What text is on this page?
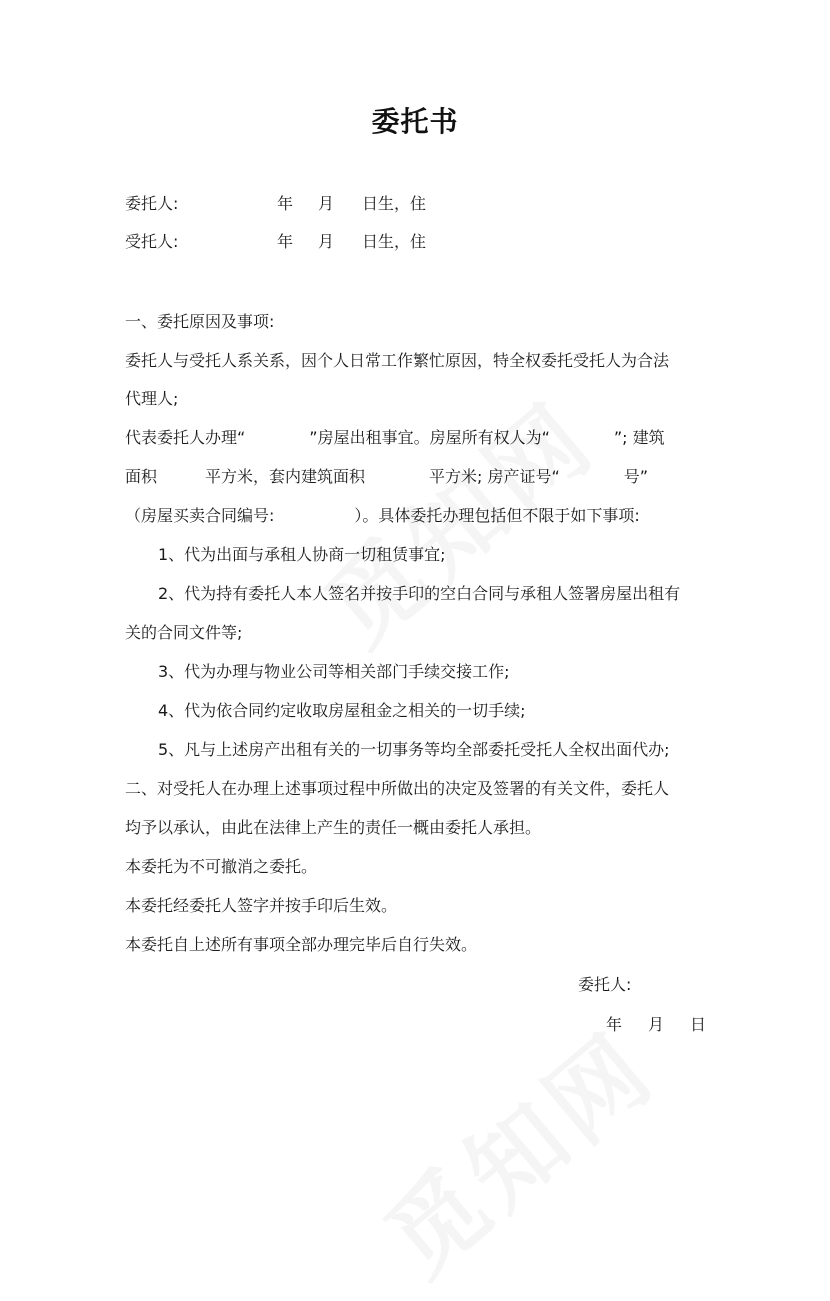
委托书
委托人:	年 月 日生，住
受托人:	年 月 日生，住
一、委托原因及事项:
委托人与受托人系关系，因个人日常工作繁忙原因，特全权委托受托人为合法
代理人;
代表委托人办理“　　　　”房屋出租事宜。房屋所有权人为“　　　　”; 建筑
面积　　　平方米，套内建筑面积　　　　平方米; 房产证号“　　　　号”
（房屋买卖合同编号:　　　　　）。具体委托办理包括但不限于如下事项:
1、代为出面与承租人协商一切租赁事宜;
2、代为持有委托人本人签名并按手印的空白合同与承租人签署房屋出租有
关的合同文件等;
3、代为办理与物业公司等相关部门手续交接工作;
4、代为依合同约定收取房屋租金之相关的一切手续;
5、凡与上述房产出租有关的一切事务等均全部委托受托人全权出面代办;
二、对受托人在办理上述事项过程中所做出的决定及签署的有关文件，委托人
均予以承认，由此在法律上产生的责任一概由委托人承担。
本委托为不可撤消之委托。
本委托经委托人签字并按手印后生效。
本委托自上述所有事项全部办理完毕后自行失效。
委托人:
年 月 日
